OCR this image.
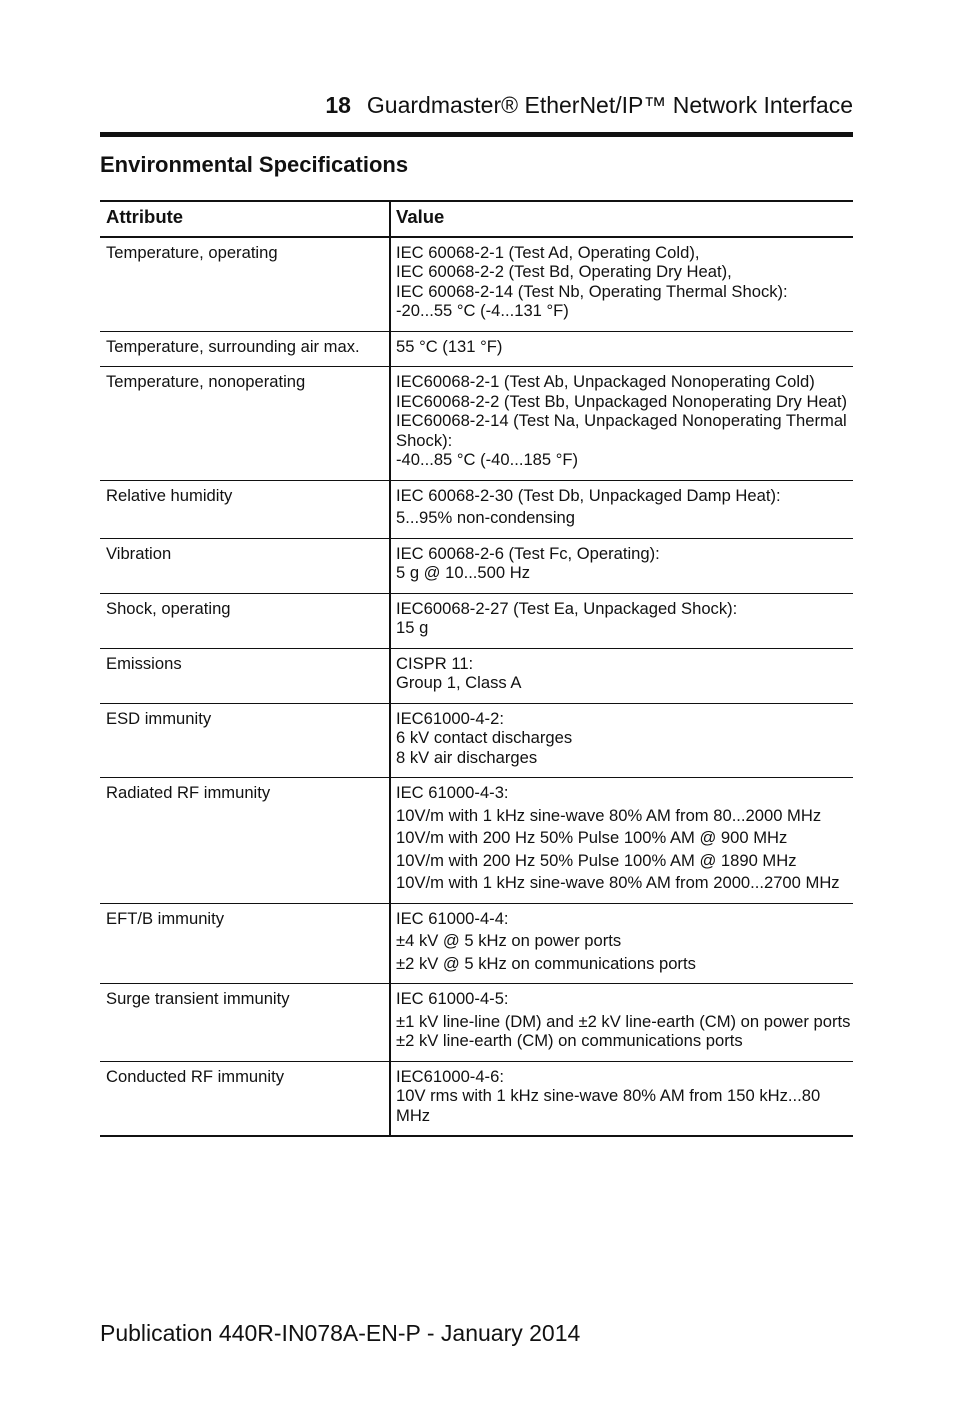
18 Guardmaster® EtherNet/IP™ Network Interface
Environmental Specifications
Attribute	Value
Temperature, operating	IEC 60068-2-1 (Test Ad, Operating Cold),
IEC 60068-2-2 (Test Bd, Operating Dry Heat),
IEC 60068-2-14 (Test Nb, Operating Thermal Shock):
-20...55 °C (-4...131 °F)

Temperature, surrounding air max.	55 °C (131 °F)

Temperature, nonoperating	IEC60068-2-1 (Test Ab, Unpackaged Nonoperating Cold)
IEC60068-2-2 (Test Bb, Unpackaged Nonoperating Dry Heat)
IEC60068-2-14 (Test Na, Unpackaged Nonoperating Thermal Shock):
-40...85 °C (-40...185 °F)

Relative humidity	IEC 60068-2-30 (Test Db, Unpackaged Damp Heat):
5...95% non-condensing

Vibration	IEC 60068-2-6 (Test Fc, Operating):
5 g @ 10...500 Hz

Shock, operating	IEC60068-2-27 (Test Ea, Unpackaged Shock):
15 g

Emissions	CISPR 11:
Group 1, Class A

ESD immunity	IEC61000-4-2:
6 kV contact discharges
8 kV air discharges

Radiated RF immunity	IEC 61000-4-3:
10V/m with 1 kHz sine-wave 80% AM from 80...2000 MHz
10V/m with 200 Hz 50% Pulse 100% AM @ 900 MHz
10V/m with 200 Hz 50% Pulse 100% AM @ 1890 MHz
10V/m with 1 kHz sine-wave 80% AM from 2000...2700 MHz

EFT/B immunity	IEC 61000-4-4:
±4 kV @ 5 kHz on power ports
±2 kV @ 5 kHz on communications ports

Surge transient immunity	IEC 61000-4-5:
±1 kV line-line (DM) and ±2 kV line-earth (CM) on power ports
±2 kV line-earth (CM) on communications ports

Conducted RF immunity	IEC61000-4-6:
10V rms with 1 kHz sine-wave 80% AM from 150 kHz...80 MHz
Publication 440R-IN078A-EN-P - January 2014
